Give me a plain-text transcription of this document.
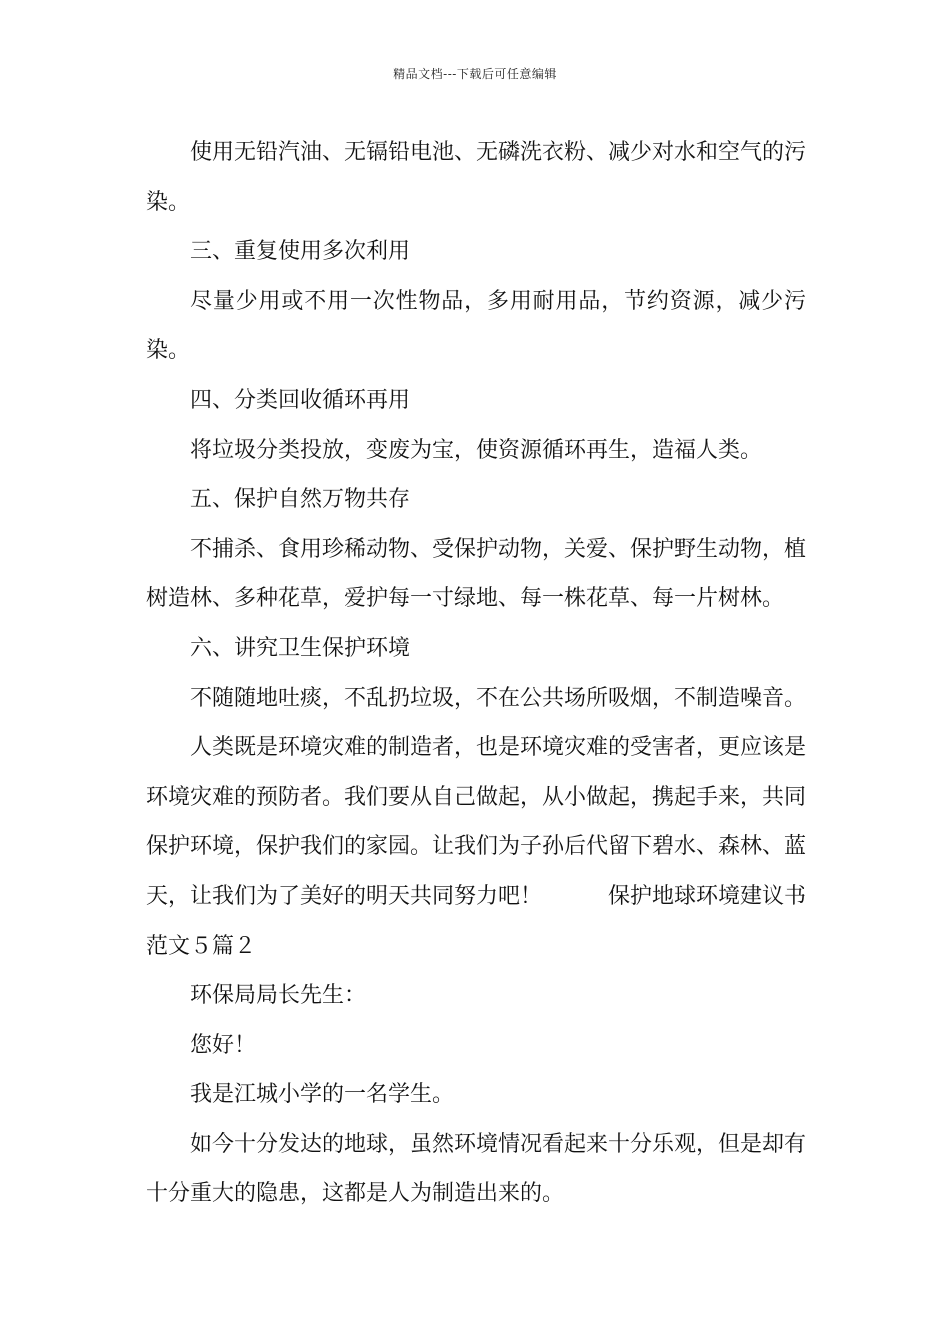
精品文档---下载后可任意编辑

使用无铅汽油、无镉铅电池、无磷洗衣粉、减少对水和空气的污染。

三、重复使用多次利用

尽量少用或不用一次性物品，多用耐用品，节约资源，减少污染。

四、分类回收循环再用

将垃圾分类投放，变废为宝，使资源循环再生，造福人类。

五、保护自然万物共存

不捕杀、食用珍稀动物、受保护动物，关爱、保护野生动物，植树造林、多种花草，爱护每一寸绿地、每一株花草、每一片树林。

六、讲究卫生保护环境

不随随地吐痰，不乱扔垃圾，不在公共场所吸烟，不制造噪音。

人类既是环境灾难的制造者，也是环境灾难的受害者，更应该是环境灾难的预防者。我们要从自己做起，从小做起，携起手来，共同保护环境，保护我们的家园。让我们为子孙后代留下碧水、森林、蓝天，让我们为了美好的明天共同努力吧！　　　保护地球环境建议书范文５篇２

环保局局长先生：

您好！

我是江城小学的一名学生。

如今十分发达的地球，虽然环境情况看起来十分乐观，但是却有十分重大的隐患，这都是人为制造出来的。
